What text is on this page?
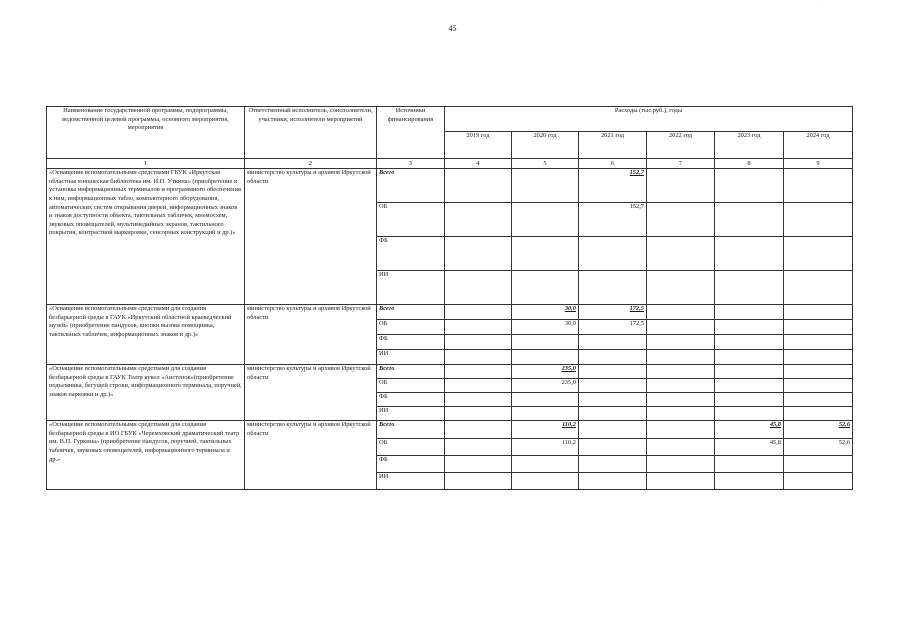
·
45
Наименование государственной программы, подпрограммы, ведомственной целевой программы, основного мероприятия, мероприятия	Ответственный исполнитель, соисполнители, участники, исполнители мероприятий	Источники финансирования	Расходы (тыс.руб.), годы					
			2019 год	2020 год	2021 год	2022 год	2023 год	2024 год
1	2	3	4	5	6	7	8	9
«Оснащение вспомогательными средствами ГБУК «Иркутская областная юношеская библиотека им. И.П. Уткина» (приобретение и установка информационных терминалов и программного обеспечения к ним, информационных табло, компьютерного оборудования, автоматических систем открывания дверей, информационных знаков и знаков доступности объекта, тактильных табличек, мнемосхем, звуковых оповещателей, мультимедийных экранов, тактильного покрытия, контрастной маркировки, сенсорных конструкций и др.)»	министерство культуры и архивов Иркутской области	Всего			152,7			
		ОБ			152,7			
		ФБ						
		ИИ						
«Оснащение вспомогательными средствами для создания безбарьерной среды в ГАУК «Иркутский областной краеведческий музей» (приобретение пандусов, кнопки вызова помощника, тактильных табличек, информационных знаков и др.)»	министерство культуры и архивов Иркутской области	Всего		30,0	172,5			
		ОБ		30,0	172,5			
		ФБ						
		ИИ						
«Оснащение вспомогательными средствами для создания безбарьерной среды в ГАУК Театр кукол «Аистенок»(приобретение подъемника, бегущей строки, информационного терминала, поручней, знаков парковки и др.)»	министерство культуры и архивов Иркутской области	Всего		235,0				
		ОБ		235,0				
		ФБ						
		ИИ						
«Оснащение вспомогательными средствами для создания безбарьерной среды в ИО ГБУК «Черемховский драматический театр им. В.П. Гуркина» (приобретение пандусов, поручней, тактильных табличек, звуковых оповещателей, информационного терминала и др.»	министерство культуры и архивов Иркутской области	Всего		110,2			45,8	52,6
		ОБ		110,2			45,8	52,6
		ФБ						
		ИИ						
